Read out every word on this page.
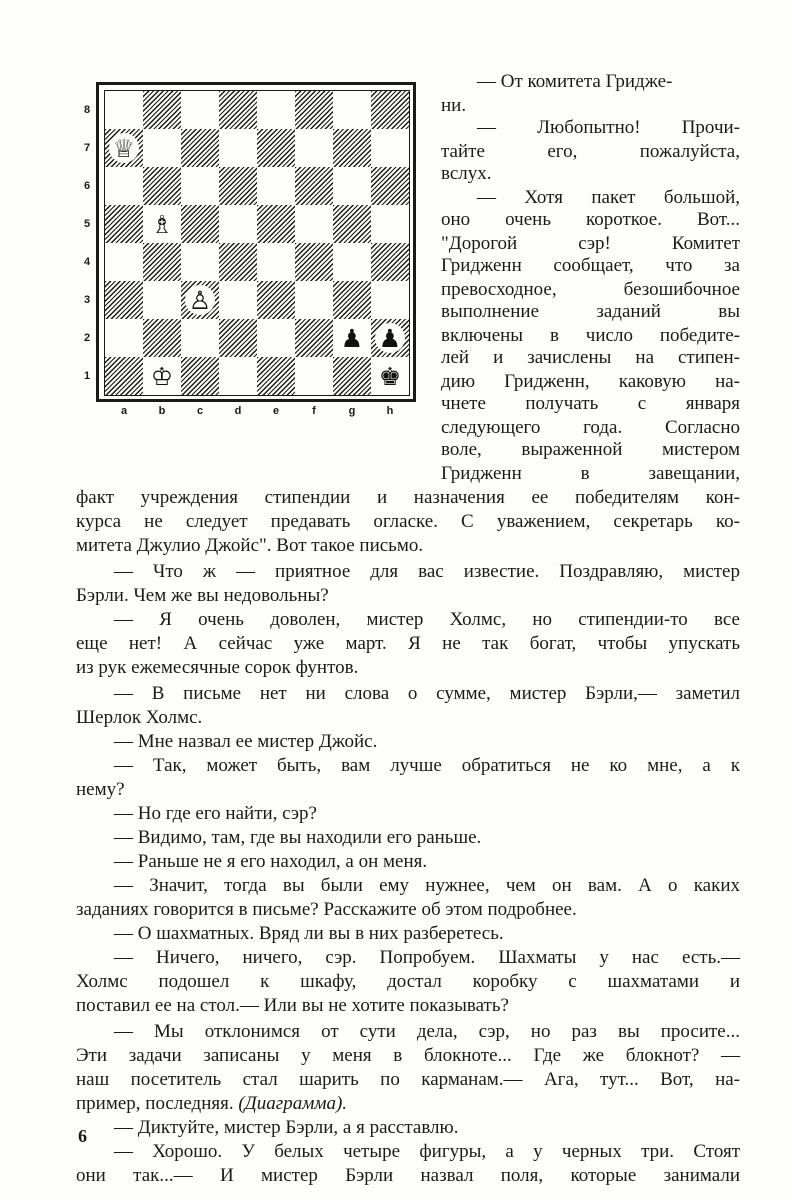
8
7
6
5
4
3
2
1
♕
♗
♙
♟ ♟
♔	♚
a	b	c	d	e	f	g	h
— От комитета Гридже-
ни.
— Любопытно! Прочи-
тайте его, пожалуйста,
вслух.
— Хотя пакет большой,
оно очень короткое. Вот...
"Дорогой сэр! Комитет
Гридженн сообщает, что за
превосходное, безошибочное
выполнение заданий вы
включены в число победите-
лей и зачислены на стипен-
дию Гридженн, каковую на-
чнете получать с января
следующего года. Согласно
воле, выраженной мистером
Гридженн в завещании,
факт учреждения стипендии и назначения ее победителям кон-
курса не следует предавать огласке. С уважением, секретарь ко-
митета Джулио Джойс". Вот такое письмо.
— Что ж — приятное для вас известие. Поздравляю, мистер
Бэрли. Чем же вы недовольны?
— Я очень доволен, мистер Холмс, но стипендии-то все
еще нет! А сейчас уже март. Я не так богат, чтобы упускать
из рук ежемесячные сорок фунтов.
— В письме нет ни слова о сумме, мистер Бэрли,— заметил
Шерлок Холмс.
— Мне назвал ее мистер Джойс.
— Так, может быть, вам лучше обратиться не ко мне, а к
нему?
— Но где его найти, сэр?
— Видимо, там, где вы находили его раньше.
— Раньше не я его находил, а он меня.
— Значит, тогда вы были ему нужнее, чем он вам. А о каких
заданиях говорится в письме? Расскажите об этом подробнее.
— О шахматных. Вряд ли вы в них разберетесь.
— Ничего, ничего, сэр. Попробуем. Шахматы у нас есть.—
Холмс подошел к шкафу, достал коробку с шахматами и
поставил ее на стол.— Или вы не хотите показывать?
— Мы отклонимся от сути дела, сэр, но раз вы просите...
Эти задачи записаны у меня в блокноте... Где же блокнот? —
наш посетитель стал шарить по карманам.— Ага, тут... Вот, на-
пример, последняя. (Диаграмма).
— Диктуйте, мистер Бэрли, а я расставлю.
— Хорошо. У белых четыре фигуры, а у черных три. Стоят
они так...— И мистер Бэрли назвал поля, которые занимали
6
